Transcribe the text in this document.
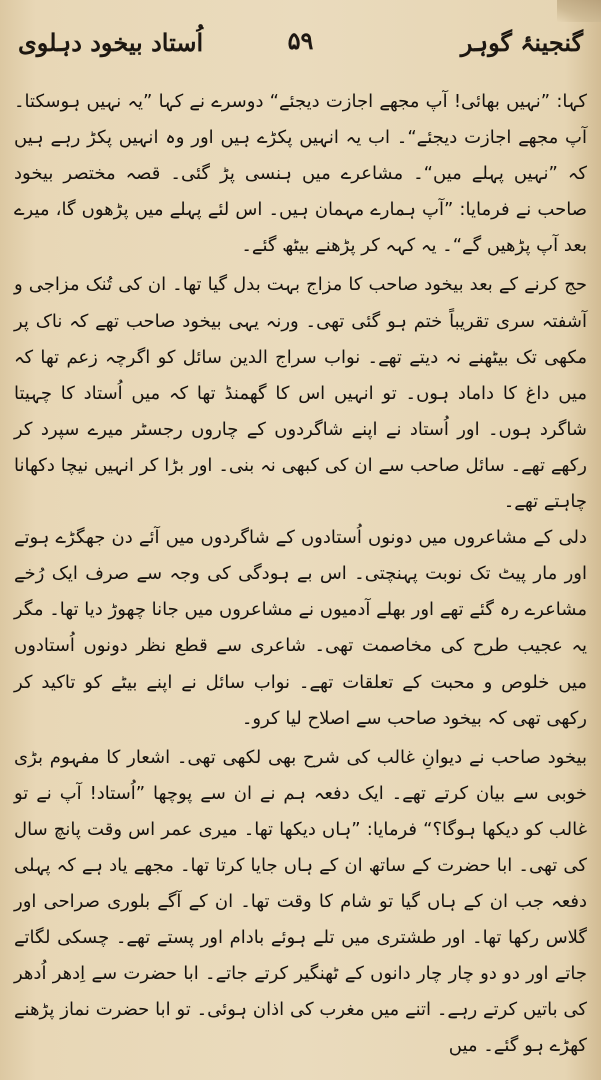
گنجینۂ گوہر
۵۹
اُستاد بیخود دہلوی

کہا: ”نہیں بھائی! آپ مجھے اجازت دیجئے“ دوسرے نے کہا ”یہ نہیں ہوسکتا۔ آپ مجھے اجازت دیجئے“۔ اب یہ انہیں پکڑے ہیں اور وہ انہیں پکڑ رہے ہیں کہ ”نہیں پہلے میں“۔ مشاعرے میں ہنسی پڑ گئی۔ قصہ مختصر بیخود صاحب نے فرمایا: ”آپ ہمارے مہمان ہیں۔ اس لئے پہلے میں پڑھوں گا، میرے بعد آپ پڑھیں گے“۔ یہ کہہ کر پڑھنے بیٹھ گئے۔

حج کرنے کے بعد بیخود صاحب کا مزاج بہت بدل گیا تھا۔ ان کی تُنک مزاجی و آشفتہ سری تقریباً ختم ہو گئی تھی۔ ورنہ یہی بیخود صاحب تھے کہ ناک پر مکھی تک بیٹھنے نہ دیتے تھے۔ نواب سراج الدین سائل کو اگرچہ زعم تھا کہ میں داغ کا داماد ہوں۔ تو انہیں اس کا گھمنڈ تھا کہ میں اُستاد کا چہیتا شاگرد ہوں۔ اور اُستاد نے اپنے شاگردوں کے چاروں رجسٹر میرے سپرد کر رکھے تھے۔ سائل صاحب سے ان کی کبھی نہ بنی۔ اور بڑا کر انہیں نیچا دکھانا چاہتے تھے۔

دلی کے مشاعروں میں دونوں اُستادوں کے شاگردوں میں آئے دن جھگڑے ہوتے اور مار پیٹ تک نوبت پہنچتی۔ اس بے ہودگی کی وجہ سے صرف ایک رُخے مشاعرے رہ گئے تھے اور بھلے آدمیوں نے مشاعروں میں جانا چھوڑ دیا تھا۔ مگر یہ عجیب طرح کی مخاصمت تھی۔ شاعری سے قطع نظر دونوں اُستادوں میں خلوص و محبت کے تعلقات تھے۔ نواب سائل نے اپنے بیٹے کو تاکید کر رکھی تھی کہ بیخود صاحب سے اصلاح لیا کرو۔

بیخود صاحب نے دیوانِ غالب کی شرح بھی لکھی تھی۔ اشعار کا مفہوم بڑی خوبی سے بیان کرتے تھے۔ ایک دفعہ ہم نے ان سے پوچھا ”اُستاد! آپ نے تو غالب کو دیکھا ہوگا؟“ فرمایا: ”ہاں دیکھا تھا۔ میری عمر اس وقت پانچ سال کی تھی۔ ابا حضرت کے ساتھ ان کے ہاں جایا کرتا تھا۔ مجھے یاد ہے کہ پہلی دفعہ جب ان کے ہاں گیا تو شام کا وقت تھا۔ ان کے آگے بلوری صراحی اور گلاس رکھا تھا۔ اور طشتری میں تلے ہوئے بادام اور پستے تھے۔ چسکی لگاتے جاتے اور دو دو چار چار دانوں کے ٹھنگیر کرتے جاتے۔ ابا حضرت سے اِدھر اُدھر کی باتیں کرتے رہے۔ اتنے میں مغرب کی اذان ہوئی۔ تو ابا حضرت نماز پڑھنے کھڑے ہو گئے۔ میں
